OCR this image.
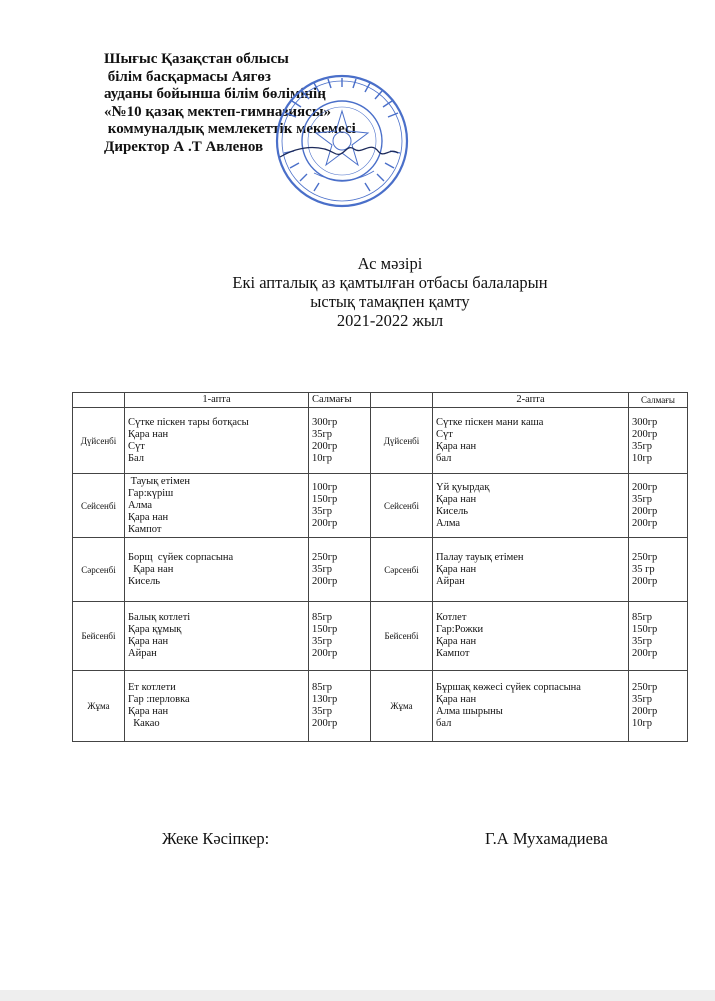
Шығыс Қазақстан облысы
білім басқармасы Аягөз
ауданы бойынша білім бөлімінің
«№10 қазақ мектеп-гимназиясы»
коммуналдық мемлекеттік мекемесі
Директор А .Т Авленов
Ас мәзірі
Екі апталық аз қамтылған отбасы балаларын
ыстық тамақпен қамту
2021-2022 жыл
	1-апта	Салмағы		2-апта	Салмағы
Дүйсенбі	Сүтке піскен тары ботқасы
Қара нан
Сүт
Бал	300гр
35гр
200гр
10гр	Дүйсенбі	Сүтке піскен мани каша
Сүт
Қара нан
бал	300гр
200гр
35гр
10гр

Сейсенбі	Тауық етімен
Гар:күріш
Алма
Қара нан
Кампот	100гр
150гр
35гр
200гр	Сейсенбі	Үй қуырдақ
Қара нан
Кисель
Алма	200гр
35гр
200гр
200гр

Сәрсенбі	Борщ  сүйек сорпасына
Қара нан
Кисель	250гр
35гр
200гр	Сәрсенбі	Палау тауық етімен
Қара нан
Айран	250гр
35 гр
200гр

Бейсенбі	Балық котлеті
Қара құмық
Қара нан
Айран	85гр
150гр
35гр
200гр	Бейсенбі	Котлет
Гар:Рожки
Қара нан
Кампот	85гр
150гр
35гр
200гр

Жұма	Ет котлети
Гар :перловка
Қара нан
Какао	85гр
130гр
35гр
200гр	Жұма	Бұршақ көжесі сүйек сорпасына
Қара нан
Алма шырыны
бал	250гр
35гр
200гр
10гр
Жеке Кәсіпкер:	Г.А Мухамадиева
